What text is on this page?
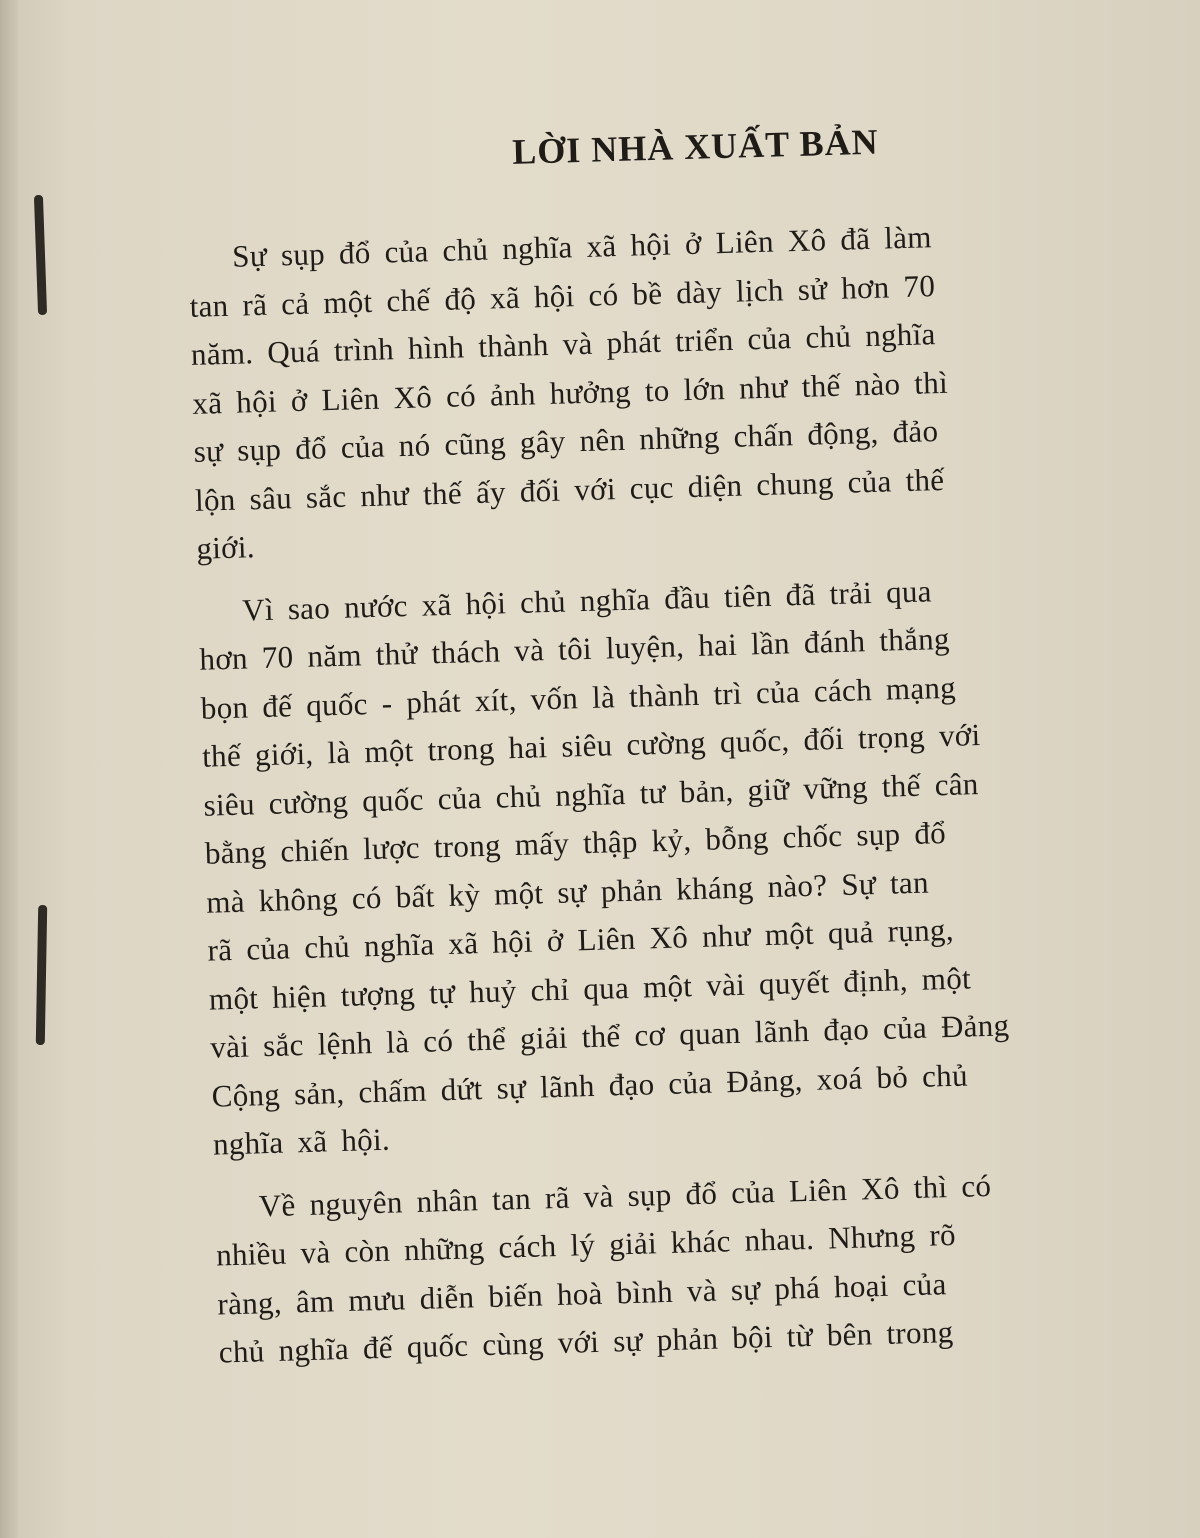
LỜI NHÀ XUẤT BẢN

Sự sụp đổ của chủ nghĩa xã hội ở Liên Xô đã làm
tan rã cả một chế độ xã hội có bề dày lịch sử hơn 70
năm. Quá trình hình thành và phát triển của chủ nghĩa
xã hội ở Liên Xô có ảnh hưởng to lớn như thế nào thì
sự sụp đổ của nó cũng gây nên những chấn động, đảo
lộn sâu sắc như thế ấy đối với cục diện chung của thế
giới.

Vì sao nước xã hội chủ nghĩa đầu tiên đã trải qua
hơn 70 năm thử thách và tôi luyện, hai lần đánh thắng
bọn đế quốc - phát xít, vốn là thành trì của cách mạng
thế giới, là một trong hai siêu cường quốc, đối trọng với
siêu cường quốc của chủ nghĩa tư bản, giữ vững thế cân
bằng chiến lược trong mấy thập kỷ, bỗng chốc sụp đổ
mà không có bất kỳ một sự phản kháng nào? Sự tan
rã của chủ nghĩa xã hội ở Liên Xô như một quả rụng,
một hiện tượng tự huỷ chỉ qua một vài quyết định, một
vài sắc lệnh là có thể giải thể cơ quan lãnh đạo của Đảng
Cộng sản, chấm dứt sự lãnh đạo của Đảng, xoá bỏ chủ
nghĩa xã hội.

Về nguyên nhân tan rã và sụp đổ của Liên Xô thì có
nhiều và còn những cách lý giải khác nhau. Nhưng rõ
ràng, âm mưu diễn biến hoà bình và sự phá hoại của
chủ nghĩa đế quốc cùng với sự phản bội từ bên trong
